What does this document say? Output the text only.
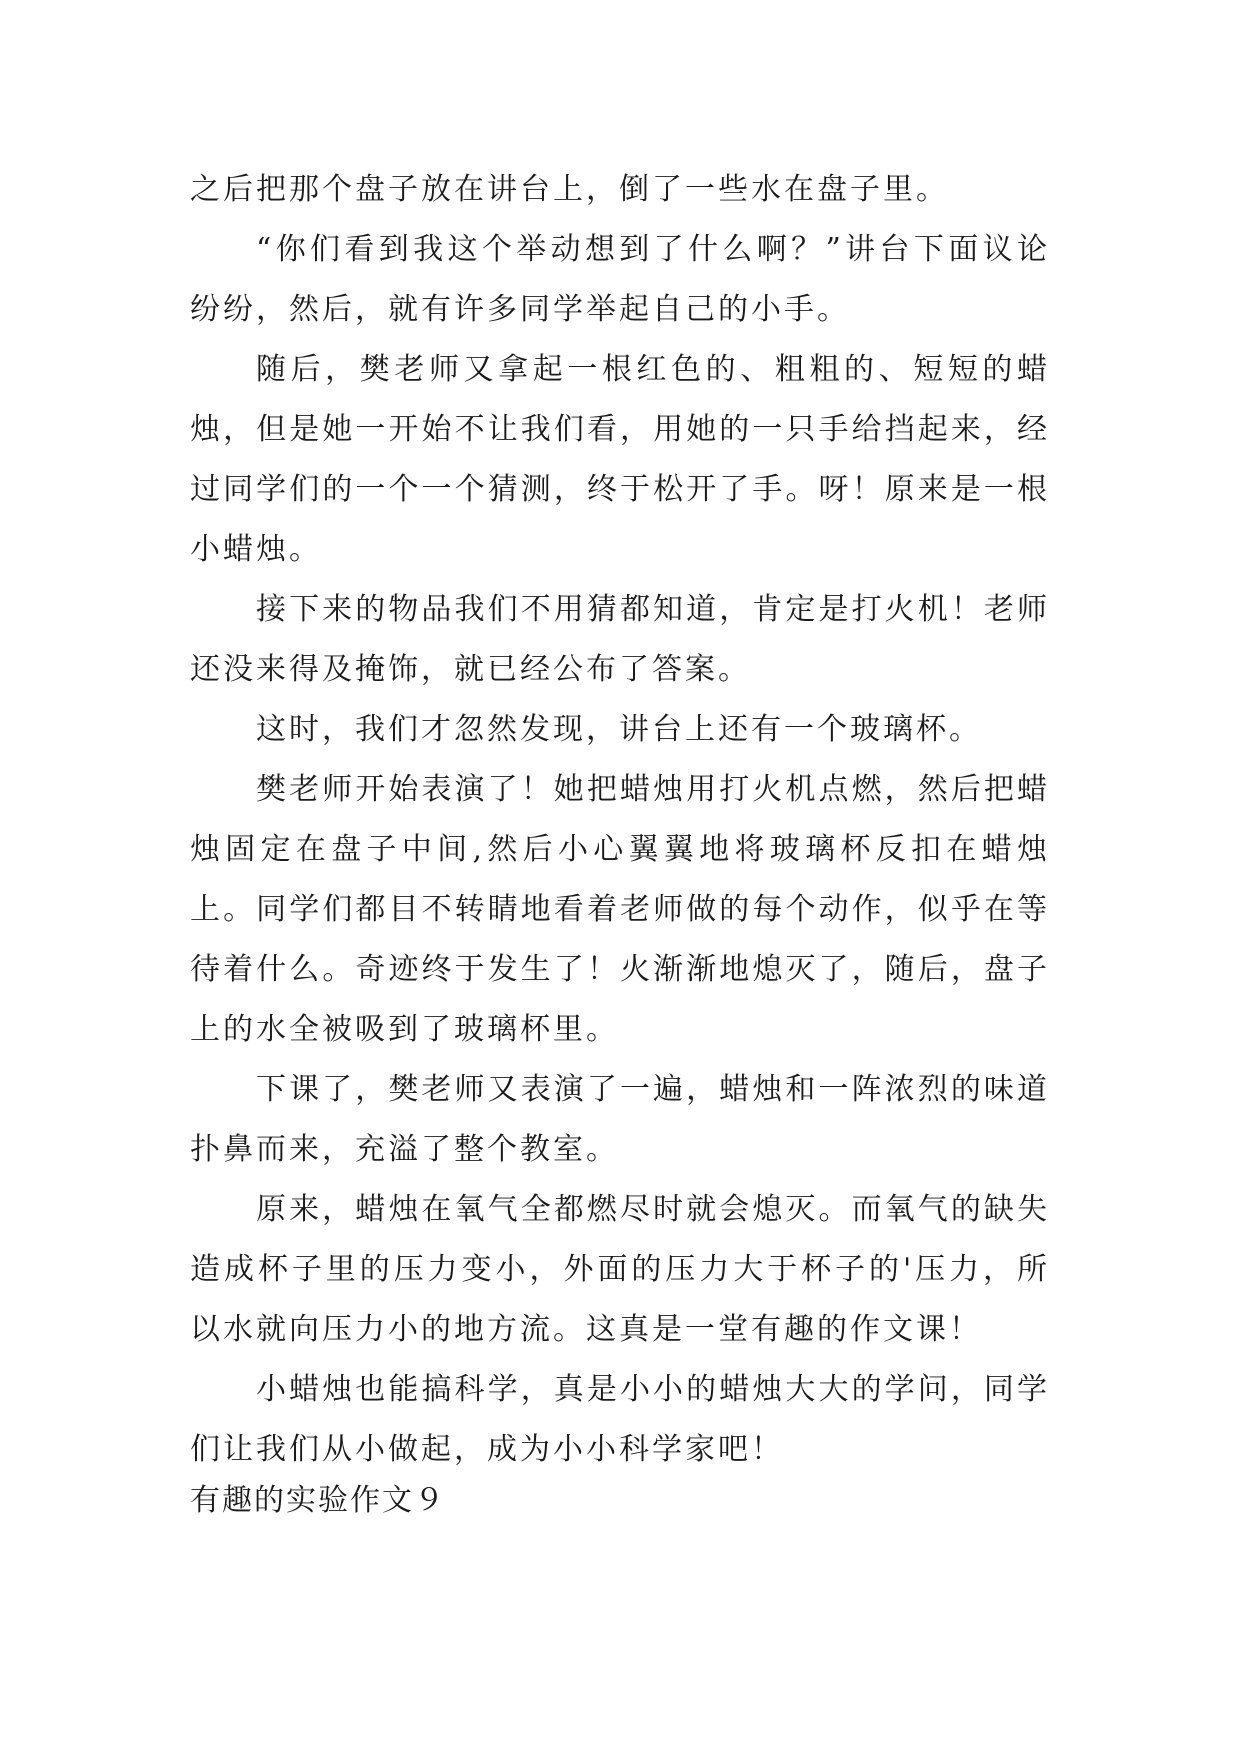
之后把那个盘子放在讲台上，倒了一些水在盘子里。

“你们看到我这个举动想到了什么啊？”讲台下面议论纷纷，然后，就有许多同学举起自己的小手。

随后，樊老师又拿起一根红色的、粗粗的、短短的蜡烛，但是她一开始不让我们看，用她的一只手给挡起来，经过同学们的一个一个猜测，终于松开了手。呀！原来是一根小蜡烛。

接下来的物品我们不用猜都知道，肯定是打火机！老师还没来得及掩饰，就已经公布了答案。

这时，我们才忽然发现，讲台上还有一个玻璃杯。

樊老师开始表演了！她把蜡烛用打火机点燃，然后把蜡烛固定在盘子中间,然后小心翼翼地将玻璃杯反扣在蜡烛上。同学们都目不转睛地看着老师做的每个动作，似乎在等待着什么。奇迹终于发生了！火渐渐地熄灭了，随后，盘子上的水全被吸到了玻璃杯里。

下课了，樊老师又表演了一遍，蜡烛和一阵浓烈的味道扑鼻而来，充溢了整个教室。

原来，蜡烛在氧气全都燃尽时就会熄灭。而氧气的缺失造成杯子里的压力变小，外面的压力大于杯子的'压力，所以水就向压力小的地方流。这真是一堂有趣的作文课！

小蜡烛也能搞科学，真是小小的蜡烛大大的学问，同学们让我们从小做起，成为小小科学家吧！

有趣的实验作文９
